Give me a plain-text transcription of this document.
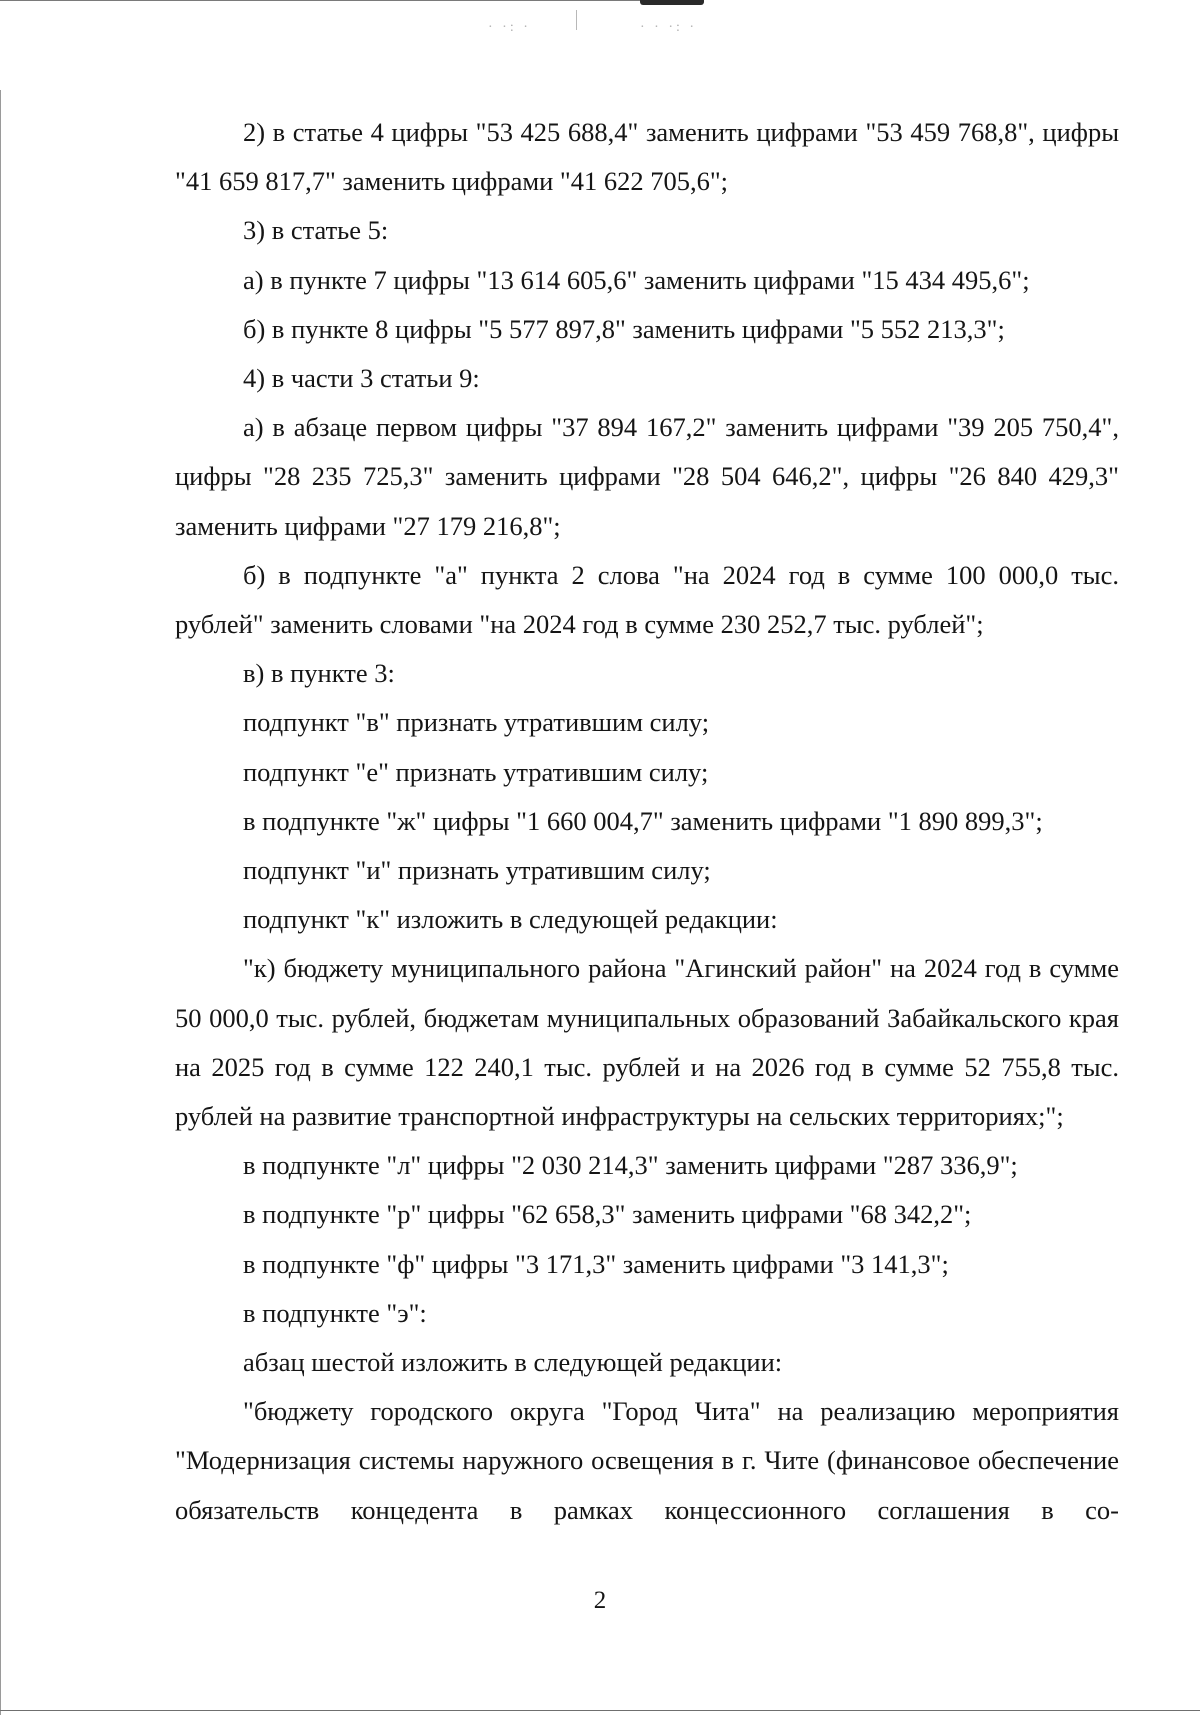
· ·: ·	· · ·: ·

2) в статье 4 цифры "53 425 688,4" заменить цифрами "53 459 768,8", цифры "41 659 817,7" заменить цифрами "41 622 705,6";

3) в статье 5:

а) в пункте 7 цифры "13 614 605,6" заменить цифрами "15 434 495,6";

б) в пункте 8 цифры "5 577 897,8" заменить цифрами "5 552 213,3";

4) в части 3 статьи 9:

а) в абзаце первом цифры "37 894 167,2" заменить цифрами "39 205 750,4", цифры "28 235 725,3" заменить цифрами "28 504 646,2", цифры "26 840 429,3" заменить цифрами "27 179 216,8";

б) в подпункте "а" пункта 2 слова "на 2024 год в сумме 100 000,0 тыс. рублей" заменить словами "на 2024 год в сумме 230 252,7 тыс. рублей";

в) в пункте 3:

подпункт "в" признать утратившим силу;

подпункт "е" признать утратившим силу;

в подпункте "ж" цифры "1 660 004,7" заменить цифрами "1 890 899,3";

подпункт "и" признать утратившим силу;

подпункт "к" изложить в следующей редакции:

"к) бюджету муниципального района "Агинский район" на 2024 год в сумме 50 000,0 тыс. рублей, бюджетам муниципальных образований Забайкальского края на 2025 год в сумме 122 240,1 тыс. рублей и на 2026 год в сумме 52 755,8 тыс. рублей на развитие транспортной инфраструктуры на сельских территориях;";

в подпункте "л" цифры "2 030 214,3" заменить цифрами "287 336,9";

в подпункте "р" цифры "62 658,3" заменить цифрами "68 342,2";

в подпункте "ф" цифры "3 171,3" заменить цифрами "3 141,3";

в подпункте "э":

абзац шестой изложить в следующей редакции:

"бюджету городского округа "Город Чита" на реализацию мероприятия "Модернизация системы наружного освещения в г. Чите (финансовое обеспечение обязательств концедента в рамках концессионного соглашения в со-

2
